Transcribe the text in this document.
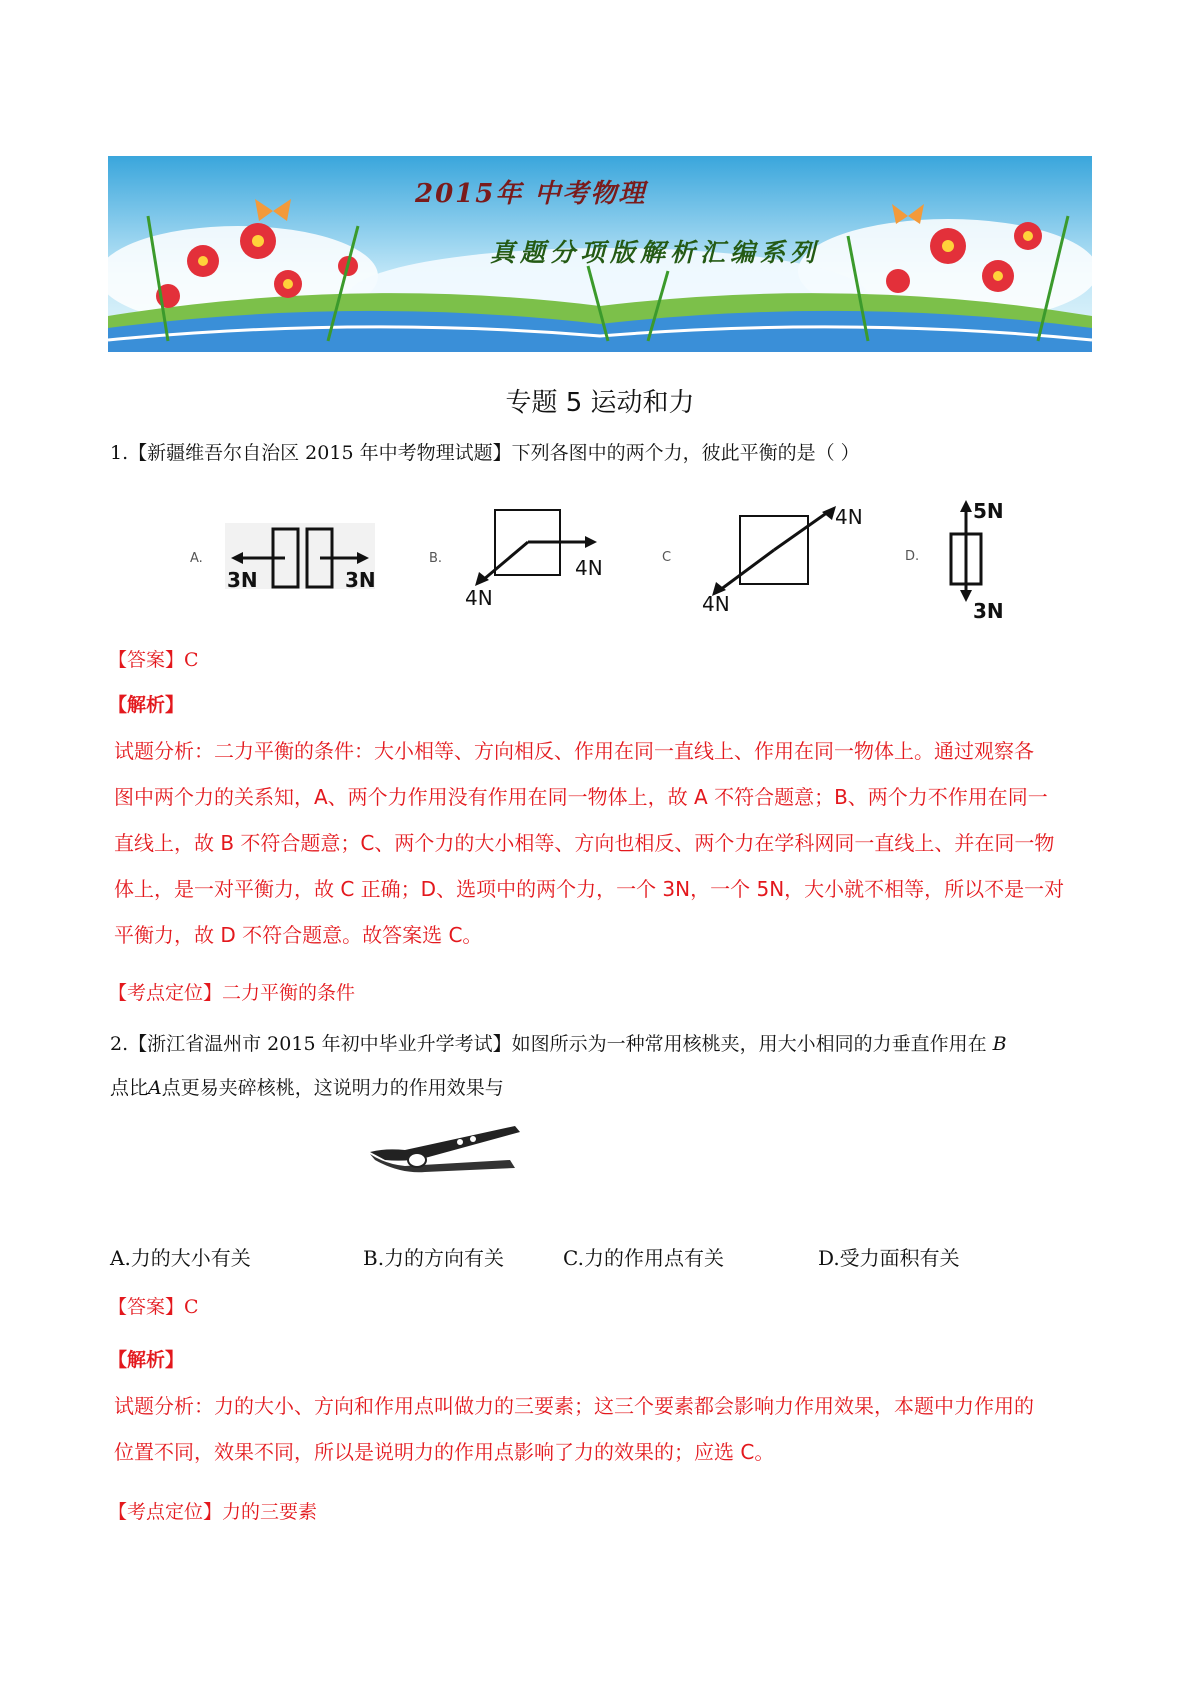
2015年 中考物理
真题分项版解析汇编系列
专题 5 运动和力
1.【新疆维吾尔自治区 2015 年中考物理试题】下列各图中的两个力，彼此平衡的是（ ）
A.
3N	3N
B.
4N
4N	C
4N
4N
D.
5N
3N
【答案】C
【解析】
试题分析：二力平衡的条件：大小相等、方向相反、作用在同一直线上、作用在同一物体上。通过观察各
图中两个力的关系知，A、两个力作用没有作用在同一物体上，故 A 不符合题意；B、两个力不作用在同一
直线上，故 B 不符合题意；C、两个力的大小相等、方向也相反、两个力在学科网同一直线上、并在同一物
体上，是一对平衡力，故 C 正确；D、选项中的两个力，一个 3N，一个 5N，大小就不相等，所以不是一对
平衡力，故 D 不符合题意。故答案选 C。
【考点定位】二力平衡的条件
2.【浙江省温州市 2015 年初中毕业升学考试】如图所示为一种常用核桃夹，用大小相同的力垂直作用在 B
点比A点更易夹碎核桃，这说明力的作用效果与
A.力的大小有关	B.力的方向有关	C.力的作用点有关	D.受力面积有关
【答案】C
【解析】
试题分析：力的大小、方向和作用点叫做力的三要素；这三个要素都会影响力作用效果，本题中力作用的
位置不同，效果不同，所以是说明力的作用点影响了力的效果的；应选 C。
【考点定位】力的三要素
